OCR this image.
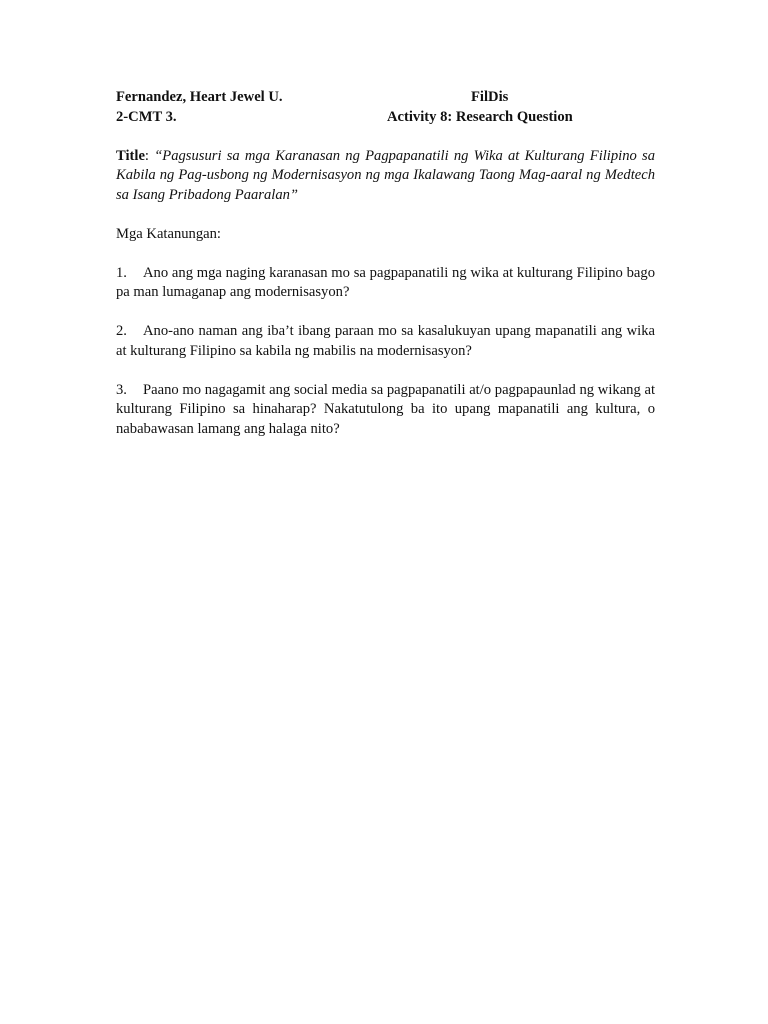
Fernandez, Heart Jewel U.	FilDis
2-CMT 3.	Activity 8: Research Question
Title: “Pagsusuri sa mga Karanasan ng Pagpapanatili ng Wika at Kulturang Filipino sa Kabila ng Pag-usbong ng Modernisasyon ng mga Ikalawang Taong Mag-aaral ng Medtech sa Isang Pribadong Paaralan”
Mga Katanungan:
1. Ano ang mga naging karanasan mo sa pagpapanatili ng wika at kulturang Filipino bago pa man lumaganap ang modernisasyon?
2. Ano-ano naman ang iba’t ibang paraan mo sa kasalukuyan upang mapanatili ang wika at kulturang Filipino sa kabila ng mabilis na modernisasyon?
3. Paano mo nagagamit ang social media sa pagpapanatili at/o pagpapaunlad ng wikang at kulturang Filipino sa hinaharap? Nakatutulong ba ito upang mapanatili ang kultura, o nababawasan lamang ang halaga nito?
